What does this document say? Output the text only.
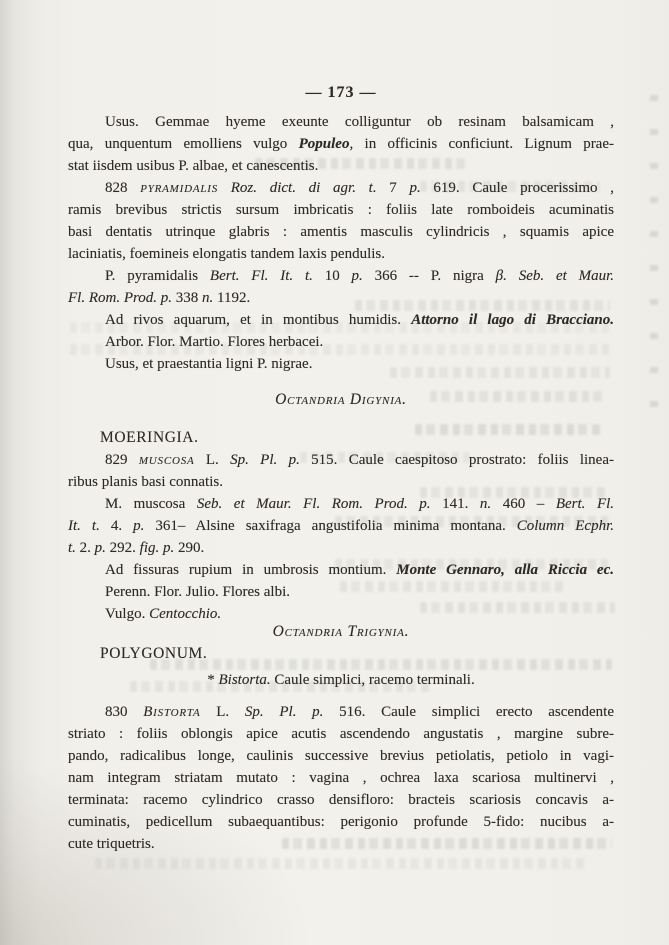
— 173 —
Usus. Gemmae hyeme exeunte colliguntur ob resinam balsamicam ,
qua, unquentum emolliens vulgo Populeo, in officinis conficiunt. Lignum prae-
stat iisdem usibus P. albae, et canescentis.
828 pyramidalis Roz. dict. di agr. t. 7 p. 619. Caule procerissimo ,
ramis brevibus strictis sursum imbricatis : foliis late romboideis acuminatis
basi dentatis utrinque glabris : amentis masculis cylindricis , squamis apice
laciniatis, foemineis elongatis tandem laxis pendulis.
P. pyramidalis Bert. Fl. It. t. 10 p. 366 -- P. nigra β. Seb. et Maur.
Fl. Rom. Prod. p. 338 n. 1192.
Ad rivos aquarum, et in montibus humidis. Attorno il lago di Bracciano.
Arbor. Flor. Martio. Flores herbacei.
Usus, et praestantia ligni P. nigrae.
Octandria Digynia.
MOERINGIA.
829 muscosa L. Sp. Pl. p. 515. Caule caespitoso prostrato: foliis linea-
ribus planis basi connatis.
M. muscosa Seb. et Maur. Fl. Rom. Prod. p. 141. n. 460 – Bert. Fl.
It. t. 4. p. 361– Alsine saxifraga angustifolia minima montana. Column Ecphr.
t. 2. p. 292. fig. p. 290.
Ad fissuras rupium in umbrosis montium. Monte Gennaro, alla Riccia ec.
Perenn. Flor. Julio. Flores albi.
Vulgo. Centocchio.
Octandria Trigynia.
POLYGONUM.
* Bistorta. Caule simplici, racemo terminali.
830 Bistorta L. Sp. Pl. p. 516. Caule simplici erecto ascendente
striato : foliis oblongis apice acutis ascendendo angustatis , margine subre-
pando, radicalibus longe, caulinis successive brevius petiolatis, petiolo in vagi-
nam integram striatam mutato : vagina , ochrea laxa scariosa multinervi ,
terminata: racemo cylindrico crasso densifloro: bracteis scariosis concavis a-
cuminatis, pedicellum subaequantibus: perigonio profunde 5-fido: nucibus a-
cute triquetris.
